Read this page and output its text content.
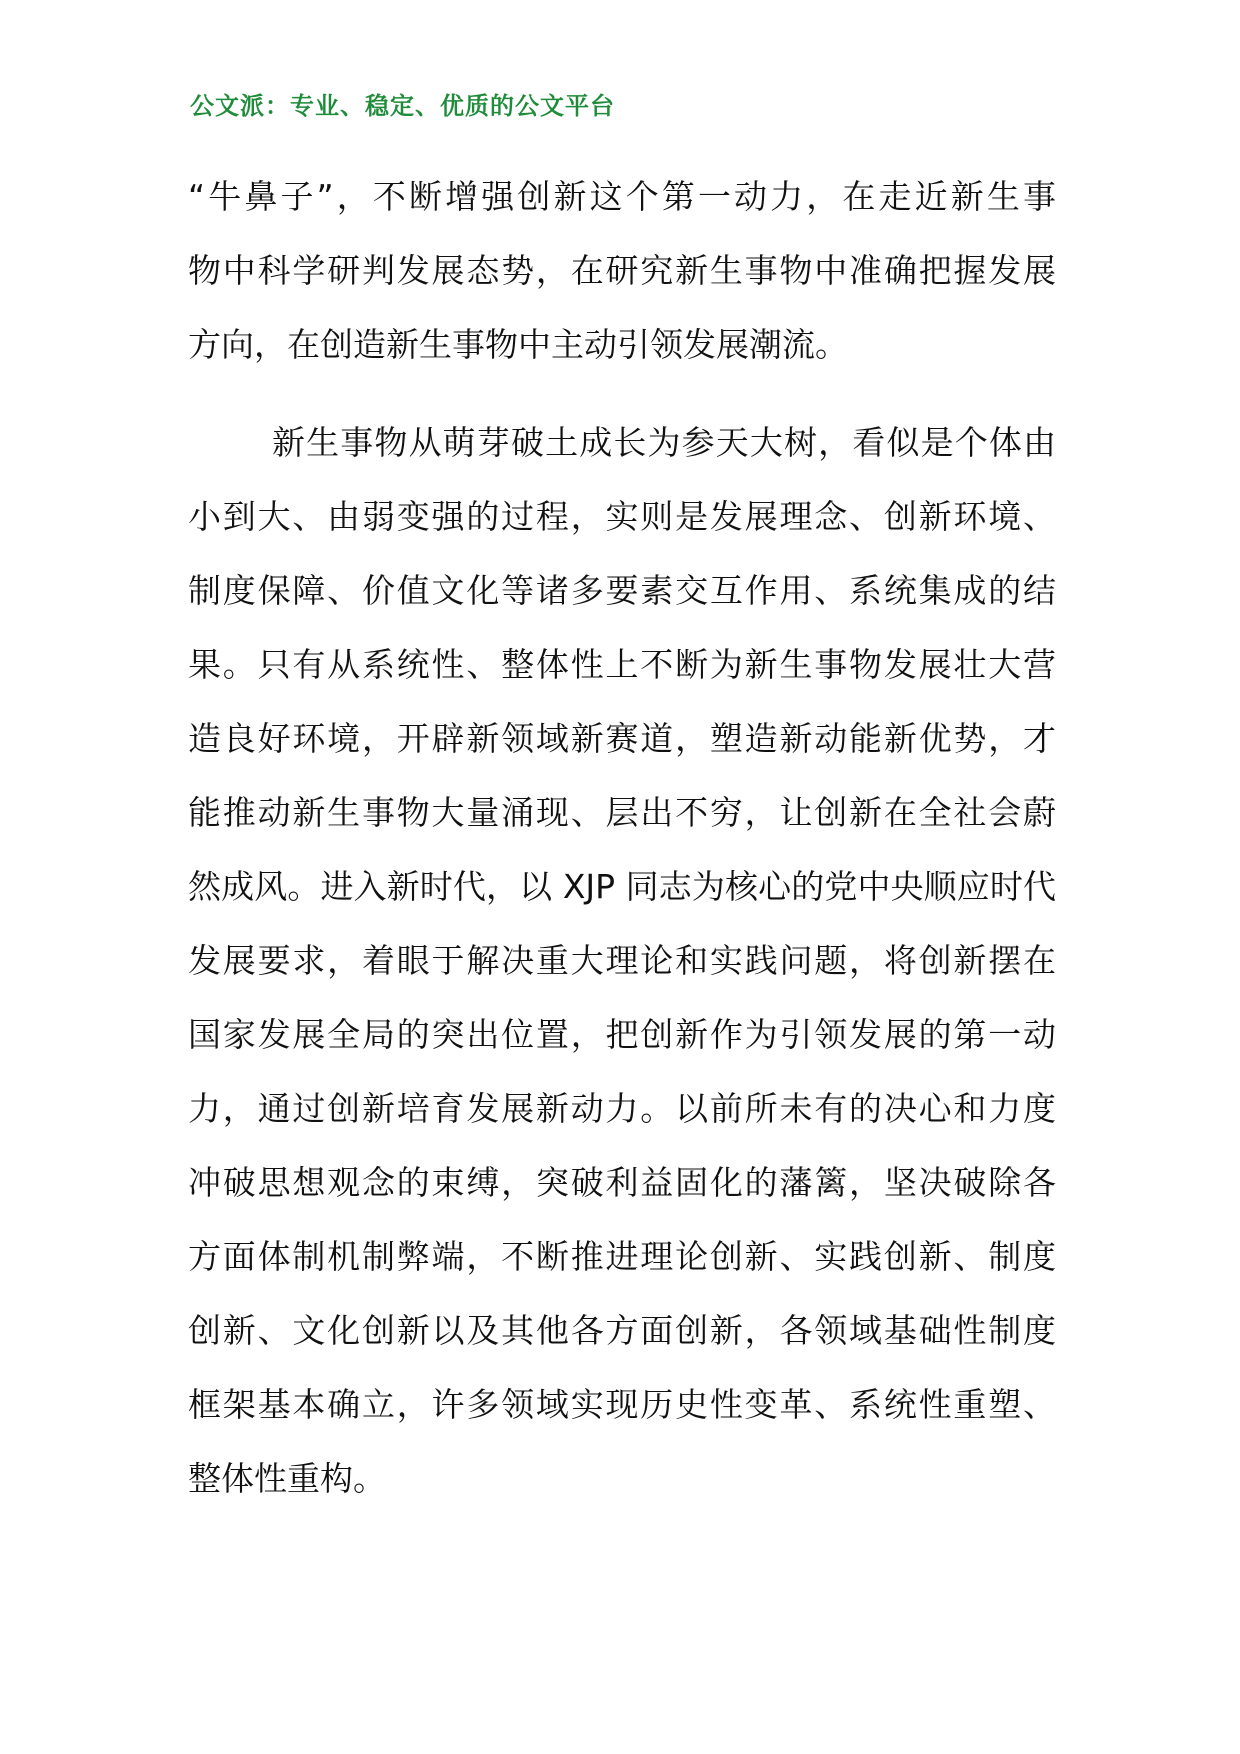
公文派：专业、稳定、优质的公文平台
“牛鼻子”，不断增强创新这个第一动力，在走近新生事
物中科学研判发展态势，在研究新生事物中准确把握发展
方向，在创造新生事物中主动引领发展潮流。
新生事物从萌芽破土成长为参天大树，看似是个体由
小到大、由弱变强的过程，实则是发展理念、创新环境、
制度保障、价值文化等诸多要素交互作用、系统集成的结
果。只有从系统性、整体性上不断为新生事物发展壮大营
造良好环境，开辟新领域新赛道，塑造新动能新优势，才
能推动新生事物大量涌现、层出不穷，让创新在全社会蔚
然成风。进入新时代，以 XJP 同志为核心的党中央顺应时代
发展要求，着眼于解决重大理论和实践问题，将创新摆在
国家发展全局的突出位置，把创新作为引领发展的第一动
力，通过创新培育发展新动力。以前所未有的决心和力度
冲破思想观念的束缚，突破利益固化的藩篱，坚决破除各
方面体制机制弊端，不断推进理论创新、实践创新、制度
创新、文化创新以及其他各方面创新，各领域基础性制度
框架基本确立，许多领域实现历史性变革、系统性重塑、
整体性重构。
